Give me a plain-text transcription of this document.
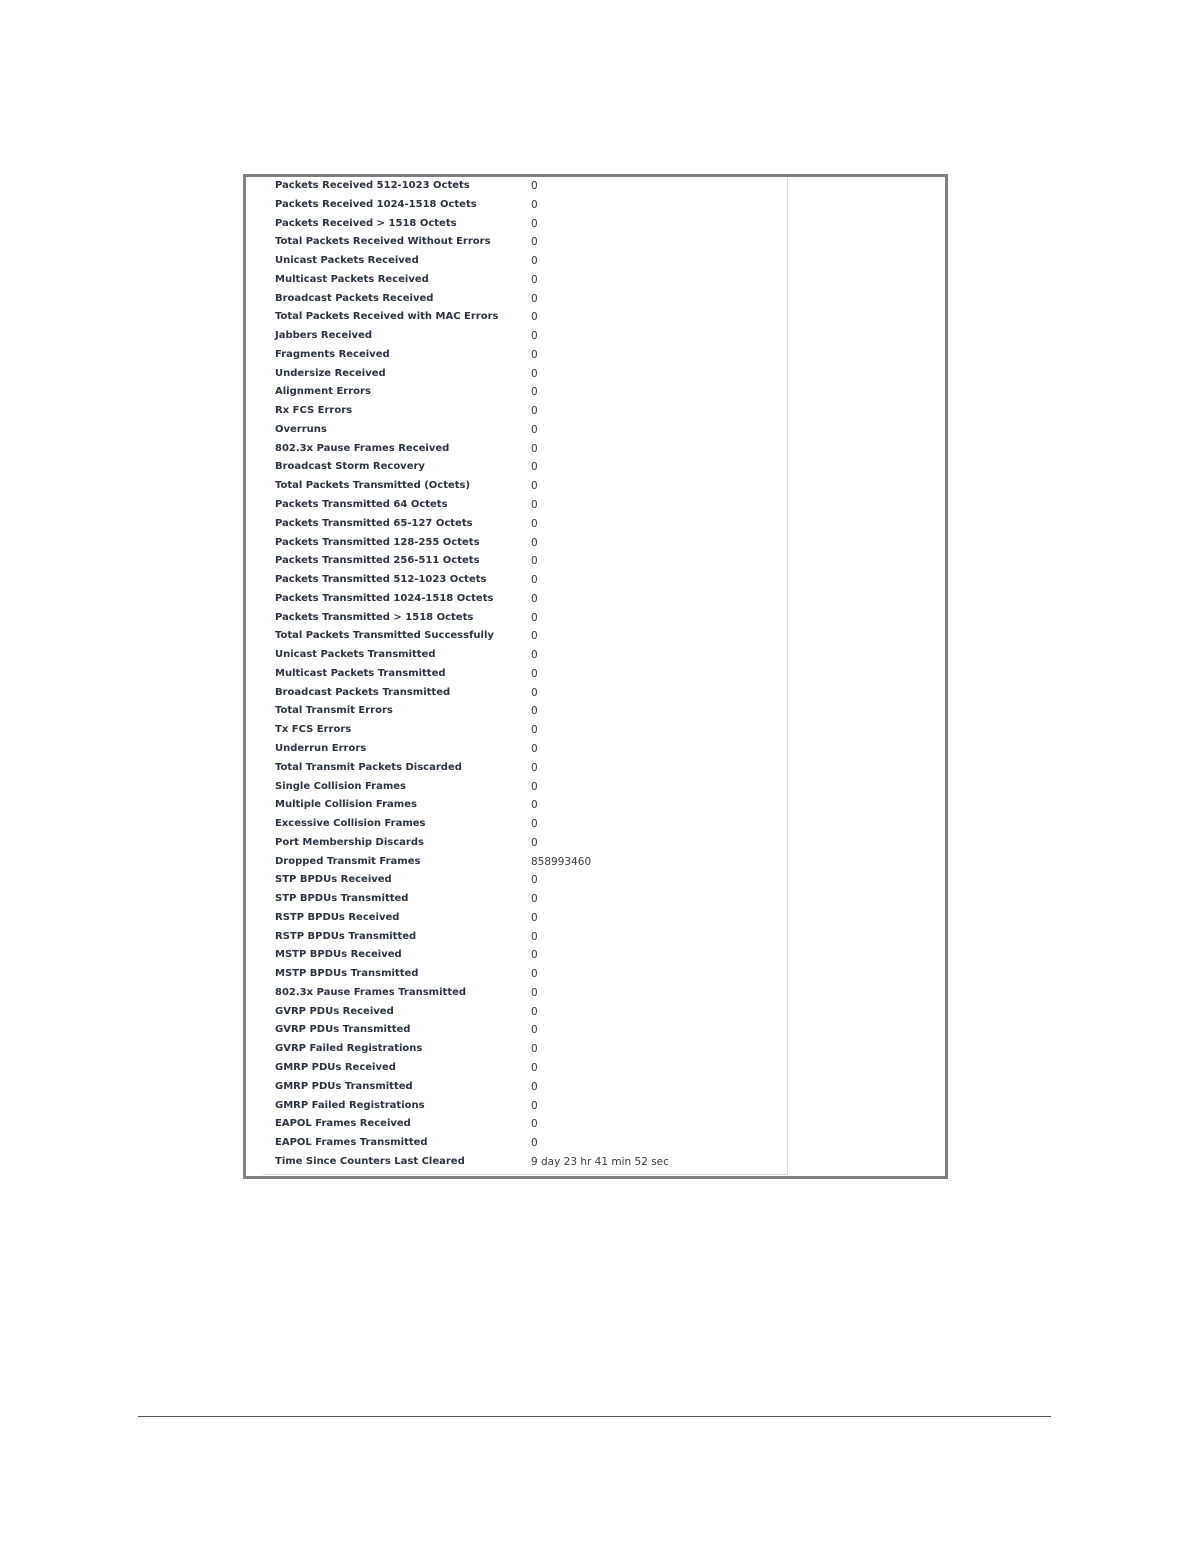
Packets Received 512-1023 Octets	0
Packets Received 1024-1518 Octets	0
Packets Received > 1518 Octets	0
Total Packets Received Without Errors	0
Unicast Packets Received	0
Multicast Packets Received	0
Broadcast Packets Received	0
Total Packets Received with MAC Errors	0
Jabbers Received	0
Fragments Received	0
Undersize Received	0
Alignment Errors	0
Rx FCS Errors	0
Overruns	0
802.3x Pause Frames Received	0
Broadcast Storm Recovery	0
Total Packets Transmitted (Octets)	0
Packets Transmitted 64 Octets	0
Packets Transmitted 65-127 Octets	0
Packets Transmitted 128-255 Octets	0
Packets Transmitted 256-511 Octets	0
Packets Transmitted 512-1023 Octets	0
Packets Transmitted 1024-1518 Octets	0
Packets Transmitted > 1518 Octets	0
Total Packets Transmitted Successfully	0
Unicast Packets Transmitted	0
Multicast Packets Transmitted	0
Broadcast Packets Transmitted	0
Total Transmit Errors	0
Tx FCS Errors	0
Underrun Errors	0
Total Transmit Packets Discarded	0
Single Collision Frames	0
Multiple Collision Frames	0
Excessive Collision Frames	0
Port Membership Discards	0
Dropped Transmit Frames	858993460
STP BPDUs Received	0
STP BPDUs Transmitted	0
RSTP BPDUs Received	0
RSTP BPDUs Transmitted	0
MSTP BPDUs Received	0
MSTP BPDUs Transmitted	0
802.3x Pause Frames Transmitted	0
GVRP PDUs Received	0
GVRP PDUs Transmitted	0
GVRP Failed Registrations	0
GMRP PDUs Received	0
GMRP PDUs Transmitted	0
GMRP Failed Registrations	0
EAPOL Frames Received	0
EAPOL Frames Transmitted	0
Time Since Counters Last Cleared	9 day 23 hr 41 min 52 sec
